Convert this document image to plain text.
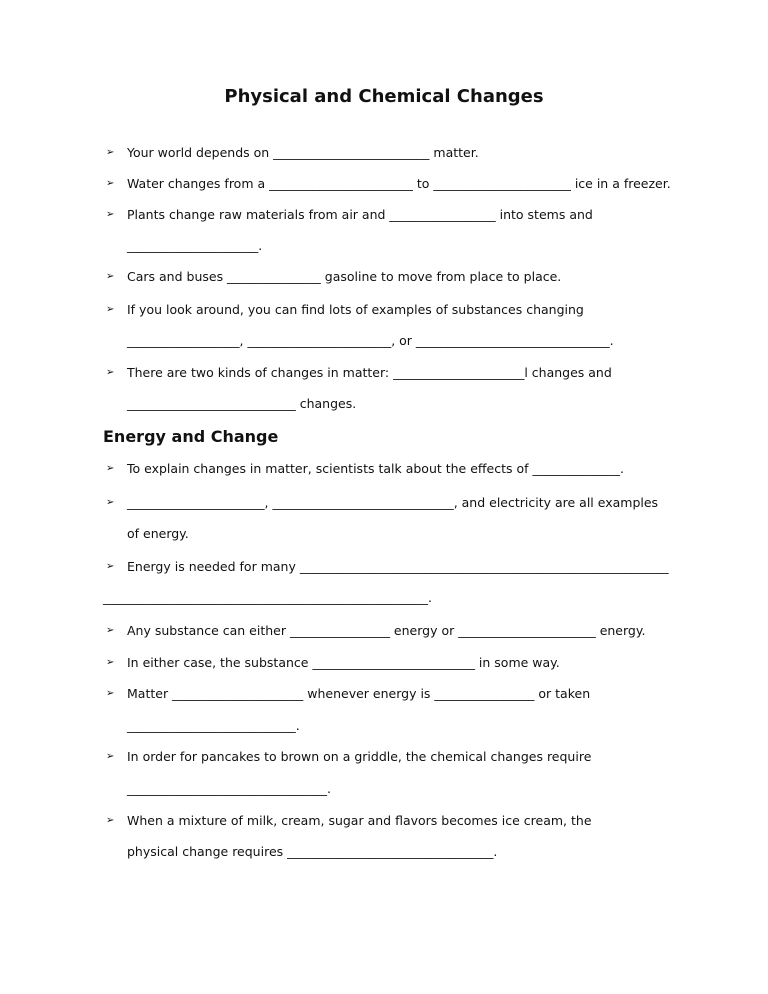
Physical and Chemical Changes
➢ Your world depends on _________________________ matter.
➢ Water changes from a _______________________ to ______________________ ice in a freezer.
➢ Plants change raw materials from air and _________________ into stems and
_____________________.
➢ Cars and buses _______________ gasoline to move from place to place.
➢ If you look around, you can find lots of examples of substances changing
__________________, _______________________, or _______________________________.
➢ There are two kinds of changes in matter: _____________________l changes and
___________________________ changes.
Energy and Change
➢ To explain changes in matter, scientists talk about the effects of ______________.
➢ ______________________, _____________________________, and electricity are all examples
of energy.
➢ Energy is needed for many ___________________________________________________________
____________________________________________________.
➢ Any substance can either ________________ energy or ______________________ energy.
➢ In either case, the substance __________________________ in some way.
➢ Matter _____________________ whenever energy is ________________ or taken
___________________________.
➢ In order for pancakes to brown on a griddle, the chemical changes require
________________________________.
➢ When a mixture of milk, cream, sugar and flavors becomes ice cream, the
physical change requires _________________________________.
